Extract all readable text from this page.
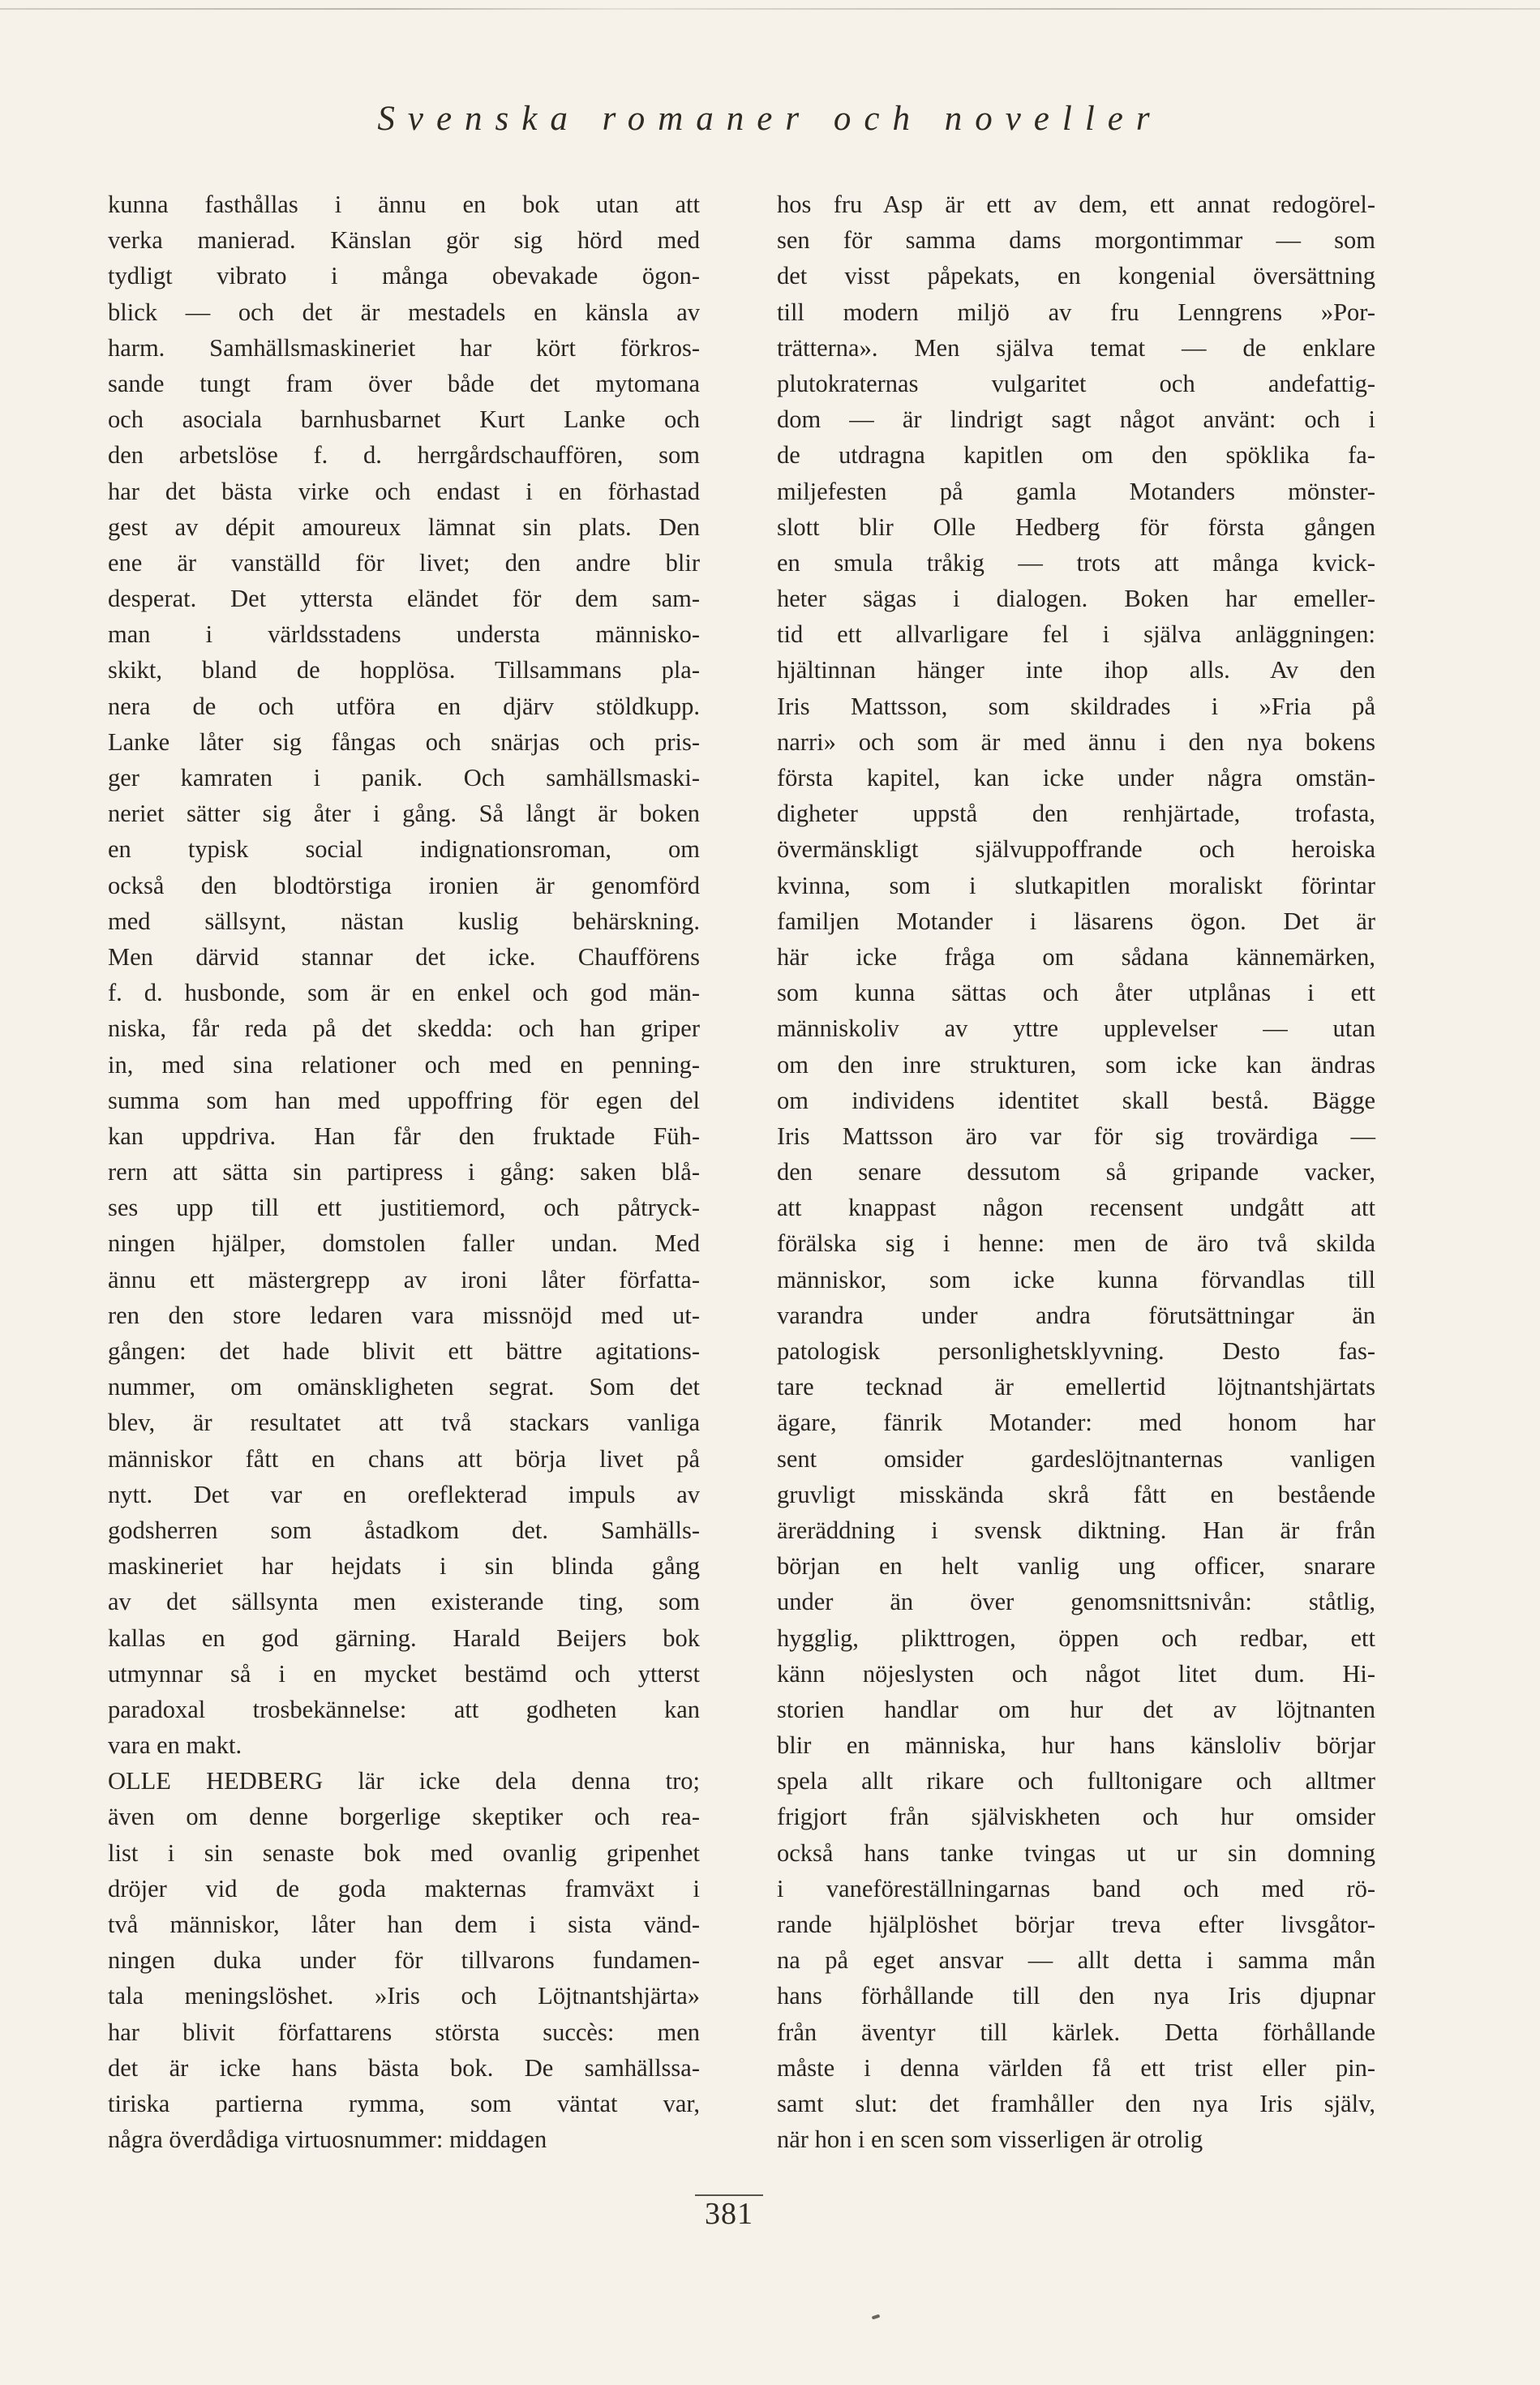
Svenska romaner och noveller
kunna fasthållas i ännu en bok utan att
verka manierad. Känslan gör sig hörd med
tydligt vibrato i många obevakade ögon-
blick — och det är mestadels en känsla av
harm. Samhällsmaskineriet har kört förkros-
sande tungt fram över både det mytomana
och asociala barnhusbarnet Kurt Lanke och
den arbetslöse f. d. herrgårdschauffören, som
har det bästa virke och endast i en förhastad
gest av dépit amoureux lämnat sin plats. Den
ene är vanställd för livet; den andre blir
desperat. Det yttersta eländet för dem sam-
man i världsstadens understa människo-
skikt, bland de hopplösa. Tillsammans pla-
nera de och utföra en djärv stöldkupp.
Lanke låter sig fångas och snärjas och pris-
ger kamraten i panik. Och samhällsmaski-
neriet sätter sig åter i gång. Så långt är boken
en typisk social indignationsroman, om
också den blodtörstiga ironien är genomförd
med sällsynt, nästan kuslig behärskning.
Men därvid stannar det icke. Chaufförens
f. d. husbonde, som är en enkel och god män-
niska, får reda på det skedda: och han griper
in, med sina relationer och med en penning-
summa som han med uppoffring för egen del
kan uppdriva. Han får den fruktade Füh-
rern att sätta sin partipress i gång: saken blå-
ses upp till ett justitiemord, och påtryck-
ningen hjälper, domstolen faller undan. Med
ännu ett mästergrepp av ironi låter författa-
ren den store ledaren vara missnöjd med ut-
gången: det hade blivit ett bättre agitations-
nummer, om omänskligheten segrat. Som det
blev, är resultatet att två stackars vanliga
människor fått en chans att börja livet på
nytt. Det var en oreflekterad impuls av
godsherren som åstadkom det. Samhälls-
maskineriet har hejdats i sin blinda gång
av det sällsynta men existerande ting, som
kallas en god gärning. Harald Beijers bok
utmynnar så i en mycket bestämd och ytterst
paradoxal trosbekännelse: att godheten kan
vara en makt.
OLLE HEDBERG lär icke dela denna tro;
även om denne borgerlige skeptiker och rea-
list i sin senaste bok med ovanlig gripenhet
dröjer vid de goda makternas framväxt i
två människor, låter han dem i sista vänd-
ningen duka under för tillvarons fundamen-
tala meningslöshet. »Iris och Löjtnantshjärta»
har blivit författarens största succès: men
det är icke hans bästa bok. De samhällssa-
tiriska partierna rymma, som väntat var,
några överdådiga virtuosnummer: middagen
hos fru Asp är ett av dem, ett annat redogörel-
sen för samma dams morgontimmar — som
det visst påpekats, en kongenial översättning
till modern miljö av fru Lenngrens »Por-
trätterna». Men själva temat — de enklare
plutokraternas vulgaritet och andefattig-
dom — är lindrigt sagt något använt: och i
de utdragna kapitlen om den spöklika fa-
miljefesten på gamla Motanders mönster-
slott blir Olle Hedberg för första gången
en smula tråkig — trots att många kvick-
heter sägas i dialogen. Boken har emeller-
tid ett allvarligare fel i själva anläggningen:
hjältinnan hänger inte ihop alls. Av den
Iris Mattsson, som skildrades i »Fria på
narri» och som är med ännu i den nya bokens
första kapitel, kan icke under några omstän-
digheter uppstå den renhjärtade, trofasta,
övermänskligt självuppoffrande och heroiska
kvinna, som i slutkapitlen moraliskt förintar
familjen Motander i läsarens ögon. Det är
här icke fråga om sådana kännemärken,
som kunna sättas och åter utplånas i ett
människoliv av yttre upplevelser — utan
om den inre strukturen, som icke kan ändras
om individens identitet skall bestå. Bägge
Iris Mattsson äro var för sig trovärdiga —
den senare dessutom så gripande vacker,
att knappast någon recensent undgått att
förälska sig i henne: men de äro två skilda
människor, som icke kunna förvandlas till
varandra under andra förutsättningar än
patologisk personlighetsklyvning. Desto fas-
tare tecknad är emellertid löjtnantshjärtats
ägare, fänrik Motander: med honom har
sent omsider gardeslöjtnanternas vanligen
gruvligt misskända skrå fått en bestående
äreräddning i svensk diktning. Han är från
början en helt vanlig ung officer, snarare
under än över genomsnittsnivån: ståtlig,
hygglig, plikttrogen, öppen och redbar, ett
känn nöjeslysten och något litet dum. Hi-
storien handlar om hur det av löjtnanten
blir en människa, hur hans känsloliv börjar
spela allt rikare och fulltonigare och alltmer
frigjort från själviskheten och hur omsider
också hans tanke tvingas ut ur sin domning
i vaneföreställningarnas band och med rö-
rande hjälplöshet börjar treva efter livsgåtor-
na på eget ansvar — allt detta i samma mån
hans förhållande till den nya Iris djupnar
från äventyr till kärlek. Detta förhållande
måste i denna världen få ett trist eller pin-
samt slut: det framhåller den nya Iris själv,
när hon i en scen som visserligen är otrolig
381
